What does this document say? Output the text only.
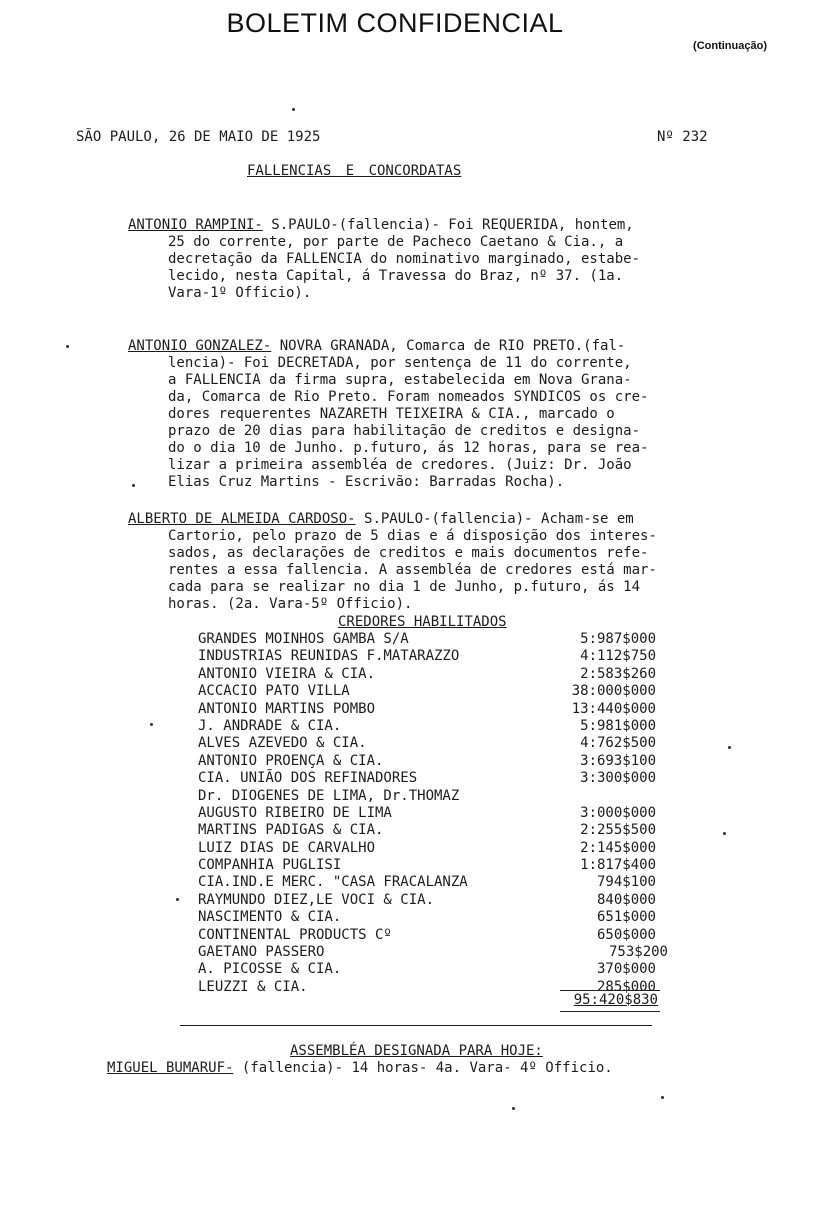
BOLETIM CONFIDENCIAL
(Continuação)
SÃO PAULO, 26 DE MAIO DE 1925	Nº 232
FALLENCIAS E CONCORDATAS
ANTONIO RAMPINI- S.PAULO-(fallencia)- Foi REQUERIDA, hontem,
25 do corrente, por parte de Pacheco Caetano & Cia., a
decretação da FALLENCIA do nominativo marginado, estabe-
lecido, nesta Capital, á Travessa do Braz, nº 37. (1a.
Vara-1º Officio).
ANTONIO GONZALEZ- NOVRA GRANADA, Comarca de RIO PRETO.(fal-
lencia)- Foi DECRETADA, por sentença de 11 do corrente,
a FALLENCIA da firma supra, estabelecida em Nova Grana-
da, Comarca de Rio Preto. Foram nomeados SYNDICOS os cre-
dores requerentes NAZARETH TEIXEIRA & CIA., marcado o
prazo de 20 dias para habilitação de creditos e designa-
do o dia 10 de Junho. p.futuro, ás 12 horas, para se rea-
lizar a primeira assembléa de credores. (Juiz: Dr. João
Elias Cruz Martins - Escrivão: Barradas Rocha).
ALBERTO DE ALMEIDA CARDOSO- S.PAULO-(fallencia)- Acham-se em
Cartorio, pelo prazo de 5 dias e á disposição dos interes-
sados, as declarações de creditos e mais documentos refe-
rentes a essa fallencia. A assembléa de credores está mar-
cada para se realizar no dia 1 de Junho, p.futuro, ás 14
horas. (2a. Vara-5º Officio).
CREDORES HABILITADOS
GRANDES MOINHOS GAMBA S/A	5:987$000
INDUSTRIAS REUNIDAS F.MATARAZZO	4:112$750
ANTONIO VIEIRA & CIA.	2:583$260
ACCACIO PATO VILLA	38:000$000
ANTONIO MARTINS POMBO	13:440$000
J. ANDRADE & CIA.	5:981$000
ALVES AZEVEDO & CIA.	4:762$500
ANTONIO PROENÇA & CIA.	3:693$100
CIA. UNIÃO DOS REFINADORES	3:300$000
Dr. DIOGENES DE LIMA, Dr.THOMAZ
AUGUSTO RIBEIRO DE LIMA	3:000$000
MARTINS PADIGAS & CIA.	2:255$500
LUIZ DIAS DE CARVALHO	2:145$000
COMPANHIA PUGLISI	1:817$400
CIA.IND.E MERC. "CASA FRACALANZA	794$100
RAYMUNDO DIEZ,LE VOCI & CIA.	840$000
NASCIMENTO & CIA.	651$000
CONTINENTAL PRODUCTS Cº	650$000
GAETANO PASSERO	753$200
A. PICOSSE & CIA.	370$000
LEUZZI & CIA.	285$000
95:420$830
ASSEMBLÉA DESIGNADA PARA HOJE:
MIGUEL BUMARUF- (fallencia)- 14 horas- 4a. Vara- 4º Officio.
